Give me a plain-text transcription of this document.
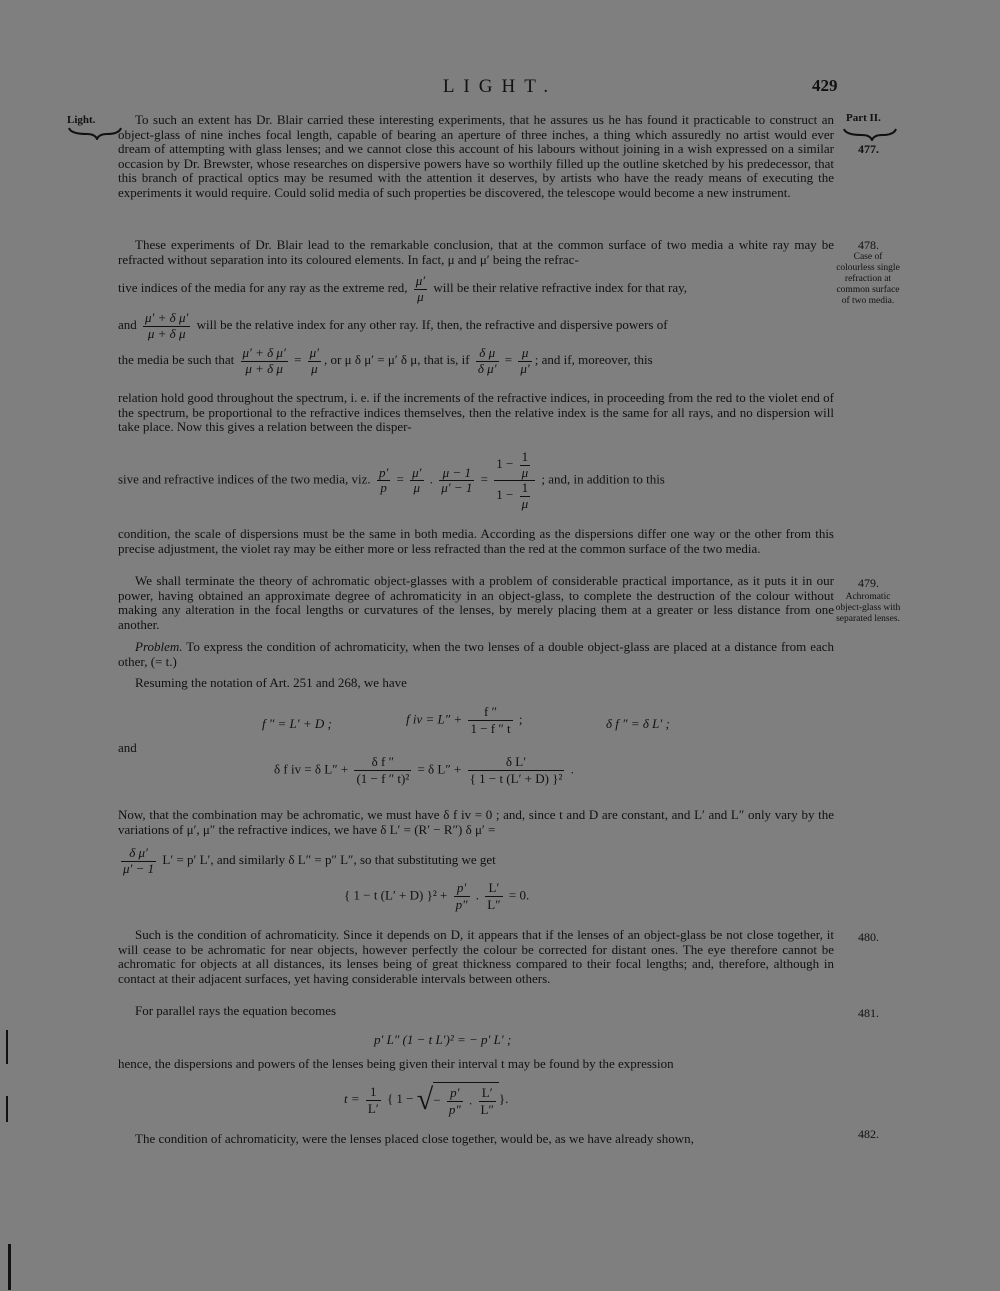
LIGHT.	429
Light.	Part II.
To such an extent has Dr. Blair carried these interesting experiments, that he assures us he has found it practicable to construct an object-glass of nine inches focal length, capable of bearing an aperture of three inches, a thing which assuredly no artist would ever dream of attempting with glass lenses; and we cannot close this account of his labours without joining in a wish expressed on a similar occasion by Dr. Brewster, whose researches on dispersive powers have so worthily filled up the outline sketched by his predecessor, that this branch of practical optics may be resumed with the attention it deserves, by artists who have the ready means of executing the experiments it would require. Could solid media of such properties be discovered, the telescope would become a new instrument.
477.
These experiments of Dr. Blair lead to the remarkable conclusion, that at the common surface of two media a white ray may be refracted without separation into its coloured elements. In fact, μ and μ′ being the refrac-
478.
Case of colourless single refraction at common surface of two media.
tive indices of the media for any ray as the extreme red, $\frac{\mu'}{\mu}$ will be their relative refractive index for that ray,
and $\frac{\text{μ′ + δ μ′}}{\text{μ + δ μ}}$ will be the relative index for any other ray. If, then, the refractive and dispersive powers of
the media be such that $\frac{\text{μ′ + δ μ′}}{\text{μ + δ μ}} = \frac{\mu'}{\mu}$ , or μ δ μ′ = μ′ δ μ, that is, if $\frac{\text{δ μ}}{\text{δ μ′}} = \frac{\mu}{\mu'}$ ; and if, moreover, this
relation hold good throughout the spectrum, i. e. if the increments of the refractive indices, in proceeding from the red to the violet end of the spectrum, be proportional to the refractive indices themselves, then the relative index is the same for all rays, and no dispersion will take place. Now this gives a relation between the disper-
sive and refractive indices of the two media, viz. $\frac{p'}{p} = \frac{\mu'}{\mu}$ . $\frac{\mu - 1}{\mu' - 1} = \frac{1 - \frac{1}{\mu}}{1 - \frac{1}{\mu}}$ ; and, in addition to this
condition, the scale of dispersions must be the same in both media. According as the dispersions differ one way or the other from this precise adjustment, the violet ray may be either more or less refracted than the red at the common surface of the two media.
We shall terminate the theory of achromatic object-glasses with a problem of considerable practical importance, as it puts it in our power, having obtained an approximate degree of achromaticity in an object-glass, to complete the destruction of the colour without making any alteration in the focal lengths or curvatures of the lenses, by merely placing them at a greater or less distance from one another.
479.
Achromatic object-glass with separated lenses.
Problem. To express the condition of achromaticity, when the two lenses of a double object-glass are placed at a distance from each other, (= t.)
Resuming the notation of Art. 251 and 268, we have
f ″ = L′ + D ;	f iv = $L'' + \frac{f ''}{1 - f '' t}$ ;	δ f ″ = δ L′ ;
and
δ f iv = δ $L'' + \frac{\text{δ f ″}}{\text{(1 − f ″ t)²}} = \delta$ $L'' + \frac{\text{δ L′}}{\text{\{ 1 − t (L′ + D) \}²}}$ .
Now, that the combination may be achromatic, we must have δ f iv = 0 ; and, since t and D are constant, and L′ and L″ only vary by the variations of μ′, μ″ the refractive indices, we have δ L′ = (R′ − R″) δ μ′ =
$\frac{\text{δ μ′}}{\mu' - 1} L' = p'$ L′, and similarly δ L″ = p″ L″, so that substituting we get
{ 1 − t (L′ + D) }$^2 + \frac{p'}{p''}$ . $\frac{L'}{L''} = 0$.
Such is the condition of achromaticity. Since it depends on D, it appears that if the lenses of an object-glass be not close together, it will cease to be achromatic for near objects, however perfectly the colour be corrected for distant ones. The eye therefore cannot be achromatic for objects at all distances, its lenses being of great thickness compared to their focal lengths; and, therefore, although in contact at their adjacent surfaces, yet having considerable intervals between others.
480.
For parallel rays the equation becomes	481.
p′ L″ (1 − t L′)² = − p′ L′ ;
hence, the dispersions and powers of the lenses being given their interval t may be found by the expression
$t = \frac{1}{L'}$ { 1 − √− $\frac{p'}{p''}$ . $\frac{L'}{L''}$ }.
The condition of achromaticity, were the lenses placed close together, would be, as we have already shown,	482.
